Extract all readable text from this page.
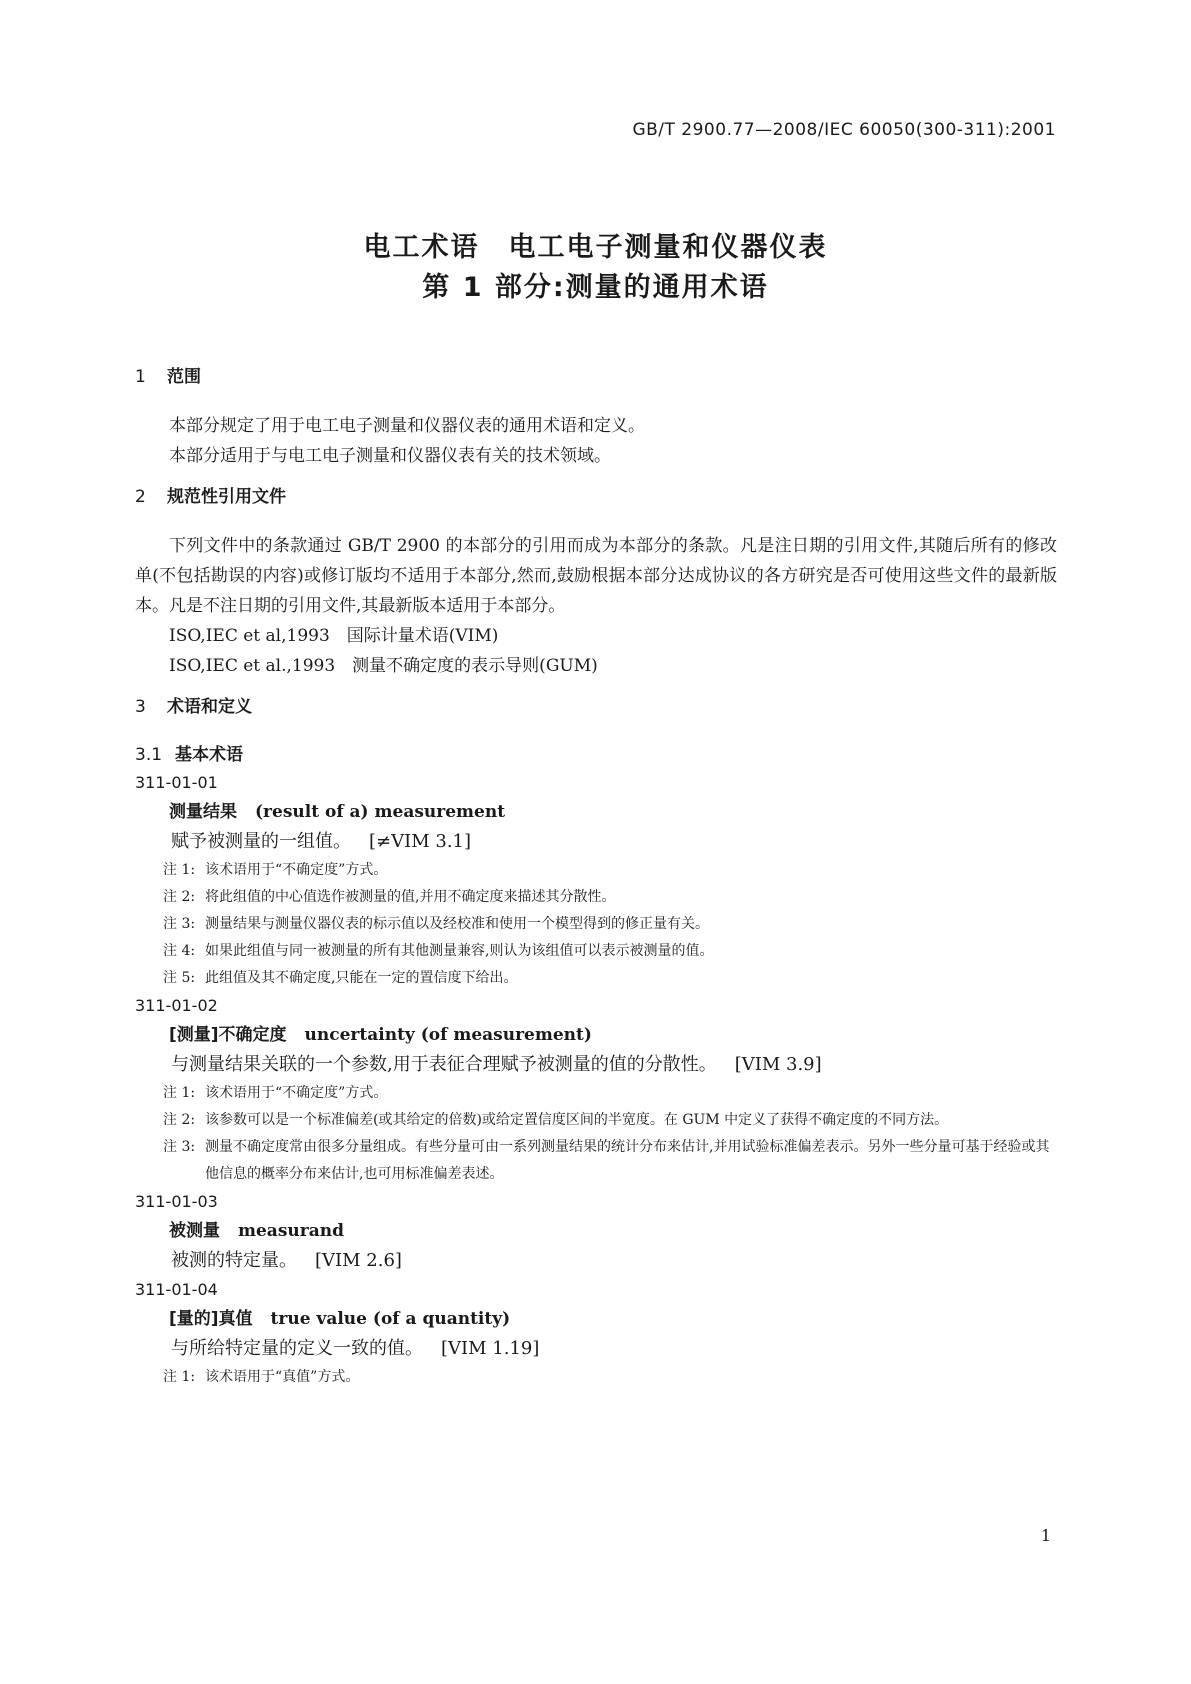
GB/T 2900.77—2008/IEC 60050(300-311):2001
电工术语　电工电子测量和仪器仪表
第 1 部分:测量的通用术语
1 范围

本部分规定了用于电工电子测量和仪器仪表的通用术语和定义。

本部分适用于与电工电子测量和仪器仪表有关的技术领域。

2 规范性引用文件

下列文件中的条款通过 GB/T 2900 的本部分的引用而成为本部分的条款。凡是注日期的引用文件,其随后所有的修改单(不包括勘误的内容)或修订版均不适用于本部分,然而,鼓励根据本部分达成协议的各方研究是否可使用这些文件的最新版本。凡是不注日期的引用文件,其最新版本适用于本部分。

ISO,IEC et al,1993　国际计量术语(VIM)

ISO,IEC et al.,1993　测量不确定度的表示导则(GUM)

3 术语和定义
3.1 基本术语

311-01-01

测量结果 (result of a) measurement

赋予被测量的一组值。 [≠VIM 3.1]

注 1: 该术语用于“不确定度”方式。

注 2: 将此组值的中心值选作被测量的值,并用不确定度来描述其分散性。

注 3: 测量结果与测量仪器仪表的标示值以及经校准和使用一个模型得到的修正量有关。

注 4: 如果此组值与同一被测量的所有其他测量兼容,则认为该组值可以表示被测量的值。

注 5: 此组值及其不确定度,只能在一定的置信度下给出。

311-01-02

[测量]不确定度 uncertainty (of measurement)

与测量结果关联的一个参数,用于表征合理赋予被测量的值的分散性。 [VIM 3.9]

注 1: 该术语用于“不确定度”方式。

注 2: 该参数可以是一个标准偏差(或其给定的倍数)或给定置信度区间的半宽度。在 GUM 中定义了获得不确定度的不同方法。

注 3: 测量不确定度常由很多分量组成。有些分量可由一系列测量结果的统计分布来估计,并用试验标准偏差表示。另外一些分量可基于经验或其他信息的概率分布来估计,也可用标准偏差表述。

311-01-03

被测量 measurand

被测的特定量。 [VIM 2.6]

311-01-04

[量的]真值 true value (of a quantity)

与所给特定量的定义一致的值。 [VIM 1.19]

注 1: 该术语用于“真值”方式。

1
